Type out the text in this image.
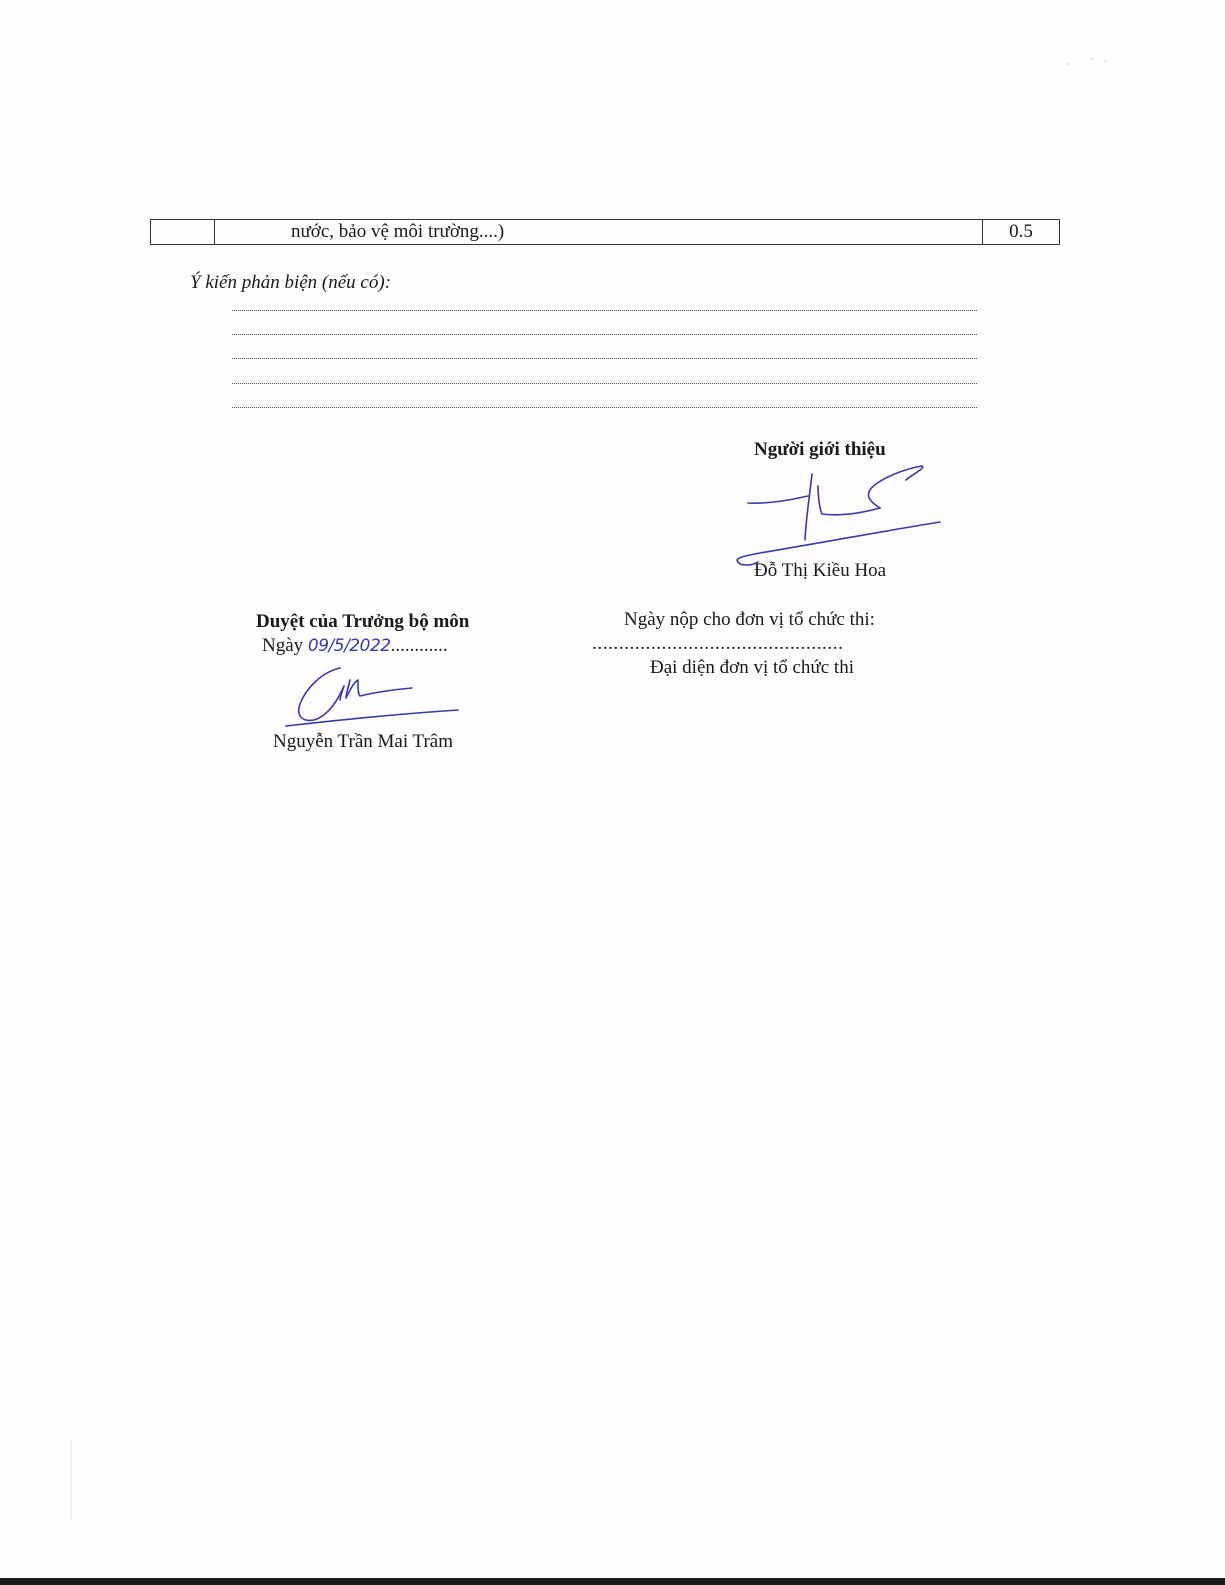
nước, bảo vệ môi trường....)	0.5
Ý kiến phản biện (nếu có):
Người giới thiệu
Đỗ Thị Kiều Hoa
Duyệt của Trưởng bộ môn
Ngày 09/5/2022............
Nguyễn Trần Mai Trâm
Ngày nộp cho đơn vị tổ chức thi:
...............................................
Đại diện đơn vị tổ chức thi
